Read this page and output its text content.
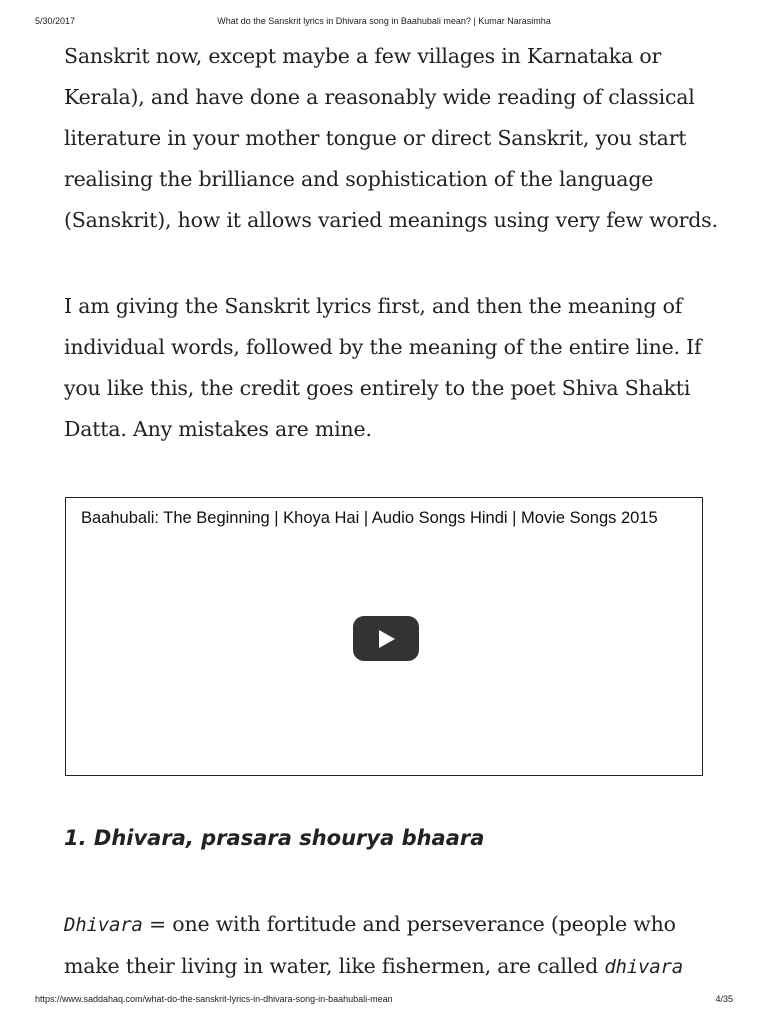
5/30/2017	What do the Sanskrit lyrics in Dhivara song in Baahubali mean? | Kumar Narasimha

Sanskrit now, except maybe a few villages in Karnataka or
Kerala), and have done a reasonably wide reading of classical
literature in your mother tongue or direct Sanskrit, you start
realising the brilliance and sophistication of the language
(Sanskrit), how it allows varied meanings using very few words.

I am giving the Sanskrit lyrics first, and then the meaning of
individual words, followed by the meaning of the entire line. If
you like this, the credit goes entirely to the poet Shiva Shakti
Datta. Any mistakes are mine.

Baahubali: The Beginning | Khoya Hai | Audio Songs Hindi | Movie Songs 2015
1. Dhivara, prasara shourya bhaara

Dhivara = one with fortitude and perseverance (people who
make their living in water, like fishermen, are called dhivara

https://www.saddahaq.com/what-do-the-sanskrit-lyrics-in-dhivara-song-in-baahubali-mean	4/35
